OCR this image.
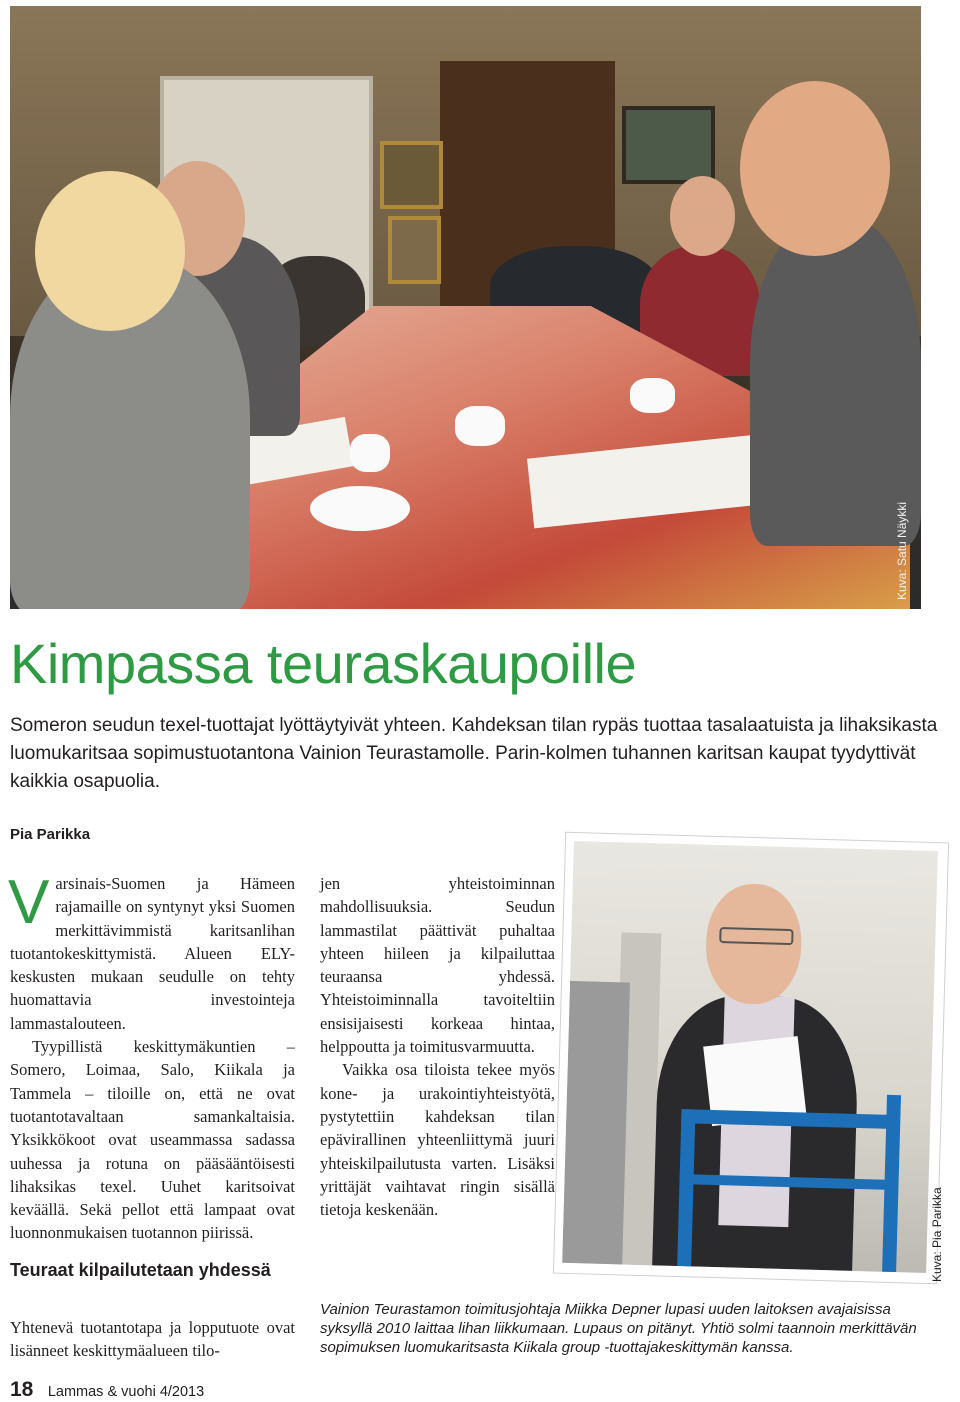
Kuva: Satu Näykki
Kimpassa teuraskaupoille

Someron seudun texel-tuottajat lyöttäytyivät yhteen. Kahdeksan tilan rypäs tuottaa tasalaatuista ja lihaksikasta luomukaritsaa sopimustuotantona Vainion Teurastamolle. Parin-kolmen tuhannen karitsan kaupat tyydyttivät kaikkia osapuolia.

Pia Parikka

Varsinais-Suomen ja Hämeen rajamaille on syntynyt yksi Suomen merkittävimmistä karitsanlihan tuotantokeskittymistä. Alueen ELY-keskusten mukaan seudulle on tehty huomattavia investointeja lammastalouteen.

Tyypillistä keskittymäkuntien – Somero, Loimaa, Salo, Kiikala ja Tammela – tiloille on, että ne ovat tuotantotavaltaan samankaltaisia. Yksikkökoot ovat useammassa sadassa uuhessa ja rotuna on pääsääntöisesti lihaksikas texel. Uuhet karitsoivat keväällä. Sekä pellot että lampaat ovat luonnonmukaisen tuotannon piirissä.

Teuraat kilpailutetaan yhdessä

Yhtenevä tuotantotapa ja lopputuote ovat lisänneet keskittymäalueen tilo-

jen yhteistoiminnan mahdollisuuksia. Seudun lammastilat päättivät puhaltaa yhteen hiileen ja kilpailuttaa teuraansa yhdessä. Yhteistoiminnalla tavoiteltiin ensisijaisesti korkeaa hintaa, helppoutta ja toimitusvarmuutta.

Vaikka osa tiloista tekee myös kone- ja urakointiyhteistyötä, pystytettiin kahdeksan tilan epävirallinen yhteenliittymä juuri yhteiskilpailutusta varten. Lisäksi yrittäjät vaihtavat ringin sisällä tietoja keskenään.	Kuva: Pia Parikka

Vainion Teurastamon toimitusjohtaja Miikka Depner lupasi uuden laitoksen avajaisissa syksyllä 2010 laittaa lihan liikkumaan. Lupaus on pitänyt. Yhtiö solmi taannoin merkittävän sopimuksen luomukaritsasta Kiikala group -tuottajakeskittymän kanssa.

18 Lammas & vuohi 4/2013
